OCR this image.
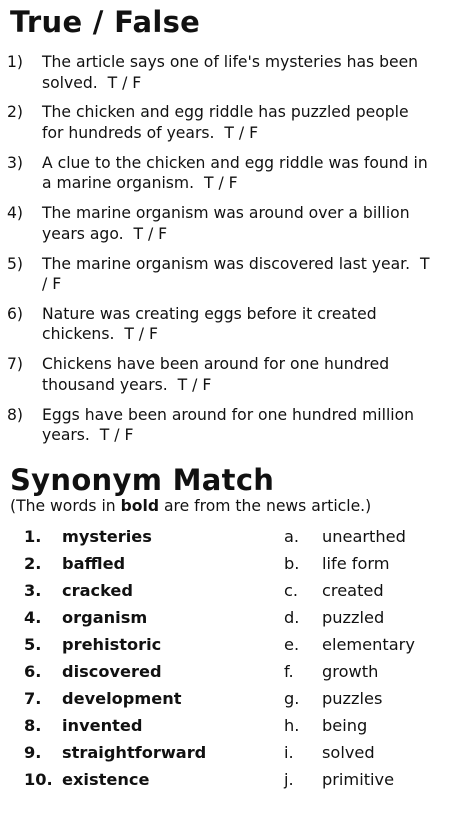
True / False
1) The article says one of life's mysteries has been solved. T / F
2) The chicken and egg riddle has puzzled people for hundreds of years. T / F
3) A clue to the chicken and egg riddle was found in a marine organism. T / F
4) The marine organism was around over a billion years ago. T / F
5) The marine organism was discovered last year. T / F
6) Nature was creating eggs before it created chickens. T / F
7) Chickens have been around for one hundred thousand years. T / F
8) Eggs have been around for one hundred million years. T / F
Synonym Match

(The words in bold are from the news article.)

1. mysteries
2. baffled
3. cracked
4. organism
5. prehistoric
6. discovered
7. development
8. invented
9. straightforward
10. existence
a. unearthed
b. life form
c. created
d. puzzled
e. elementary
f. growth
g. puzzles
h. being
i. solved
j. primitive
